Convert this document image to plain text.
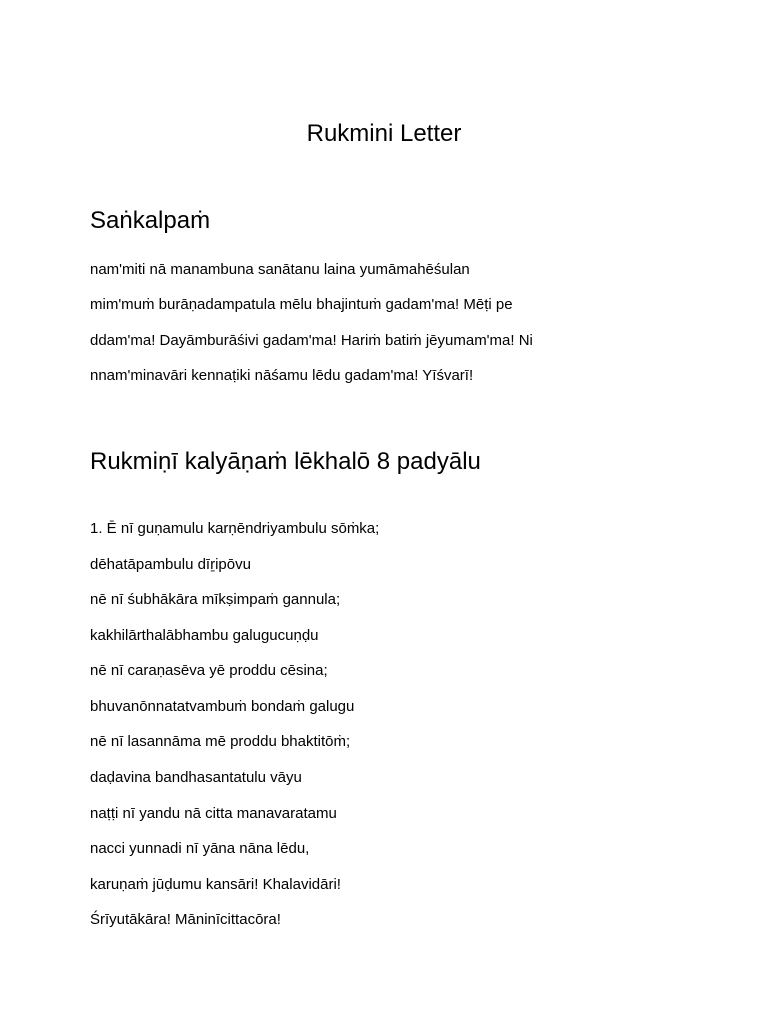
Rukmini Letter
Saṅkalpaṁ
nam'miti nā manambuna sanātanu laina yumāmahēśulan
mim'muṁ burāṇadampatula mēlu bhajintuṁ gadam'ma! Mēṭi pe
ddam'ma! Dayāmburāśivi gadam'ma! Hariṁ batiṁ jēyumam'ma! Ni
nnam'minavāri kennaṭiki nāśamu lēdu gadam'ma! Yīśvarī!
Rukmiṇī kalyāṇaṁ lēkhalō 8 padyālu
1. Ē nī guṇamulu karṇēndriyambulu sōṁka;
dēhatāpambulu dīṟipōvu
nē nī śubhākāra mīkṣimpaṁ gannula;
kakhilārthalābhambu galugucuṇḍu
nē nī caraṇasēva yē proddu cēsina;
bhuvanōnnatatvambuṁ bondaṁ galugu
nē nī lasannāma mē proddu bhaktitōṁ;
daḍavina bandhasantatulu vāyu
naṭṭi nī yandu nā citta manavaratamu
nacci yunnadi nī yāna nāna lēdu,
karuṇaṁ jūḍumu kansāri! Khalavidāri!
Śrīyutākāra! Māninīcittacōra!
